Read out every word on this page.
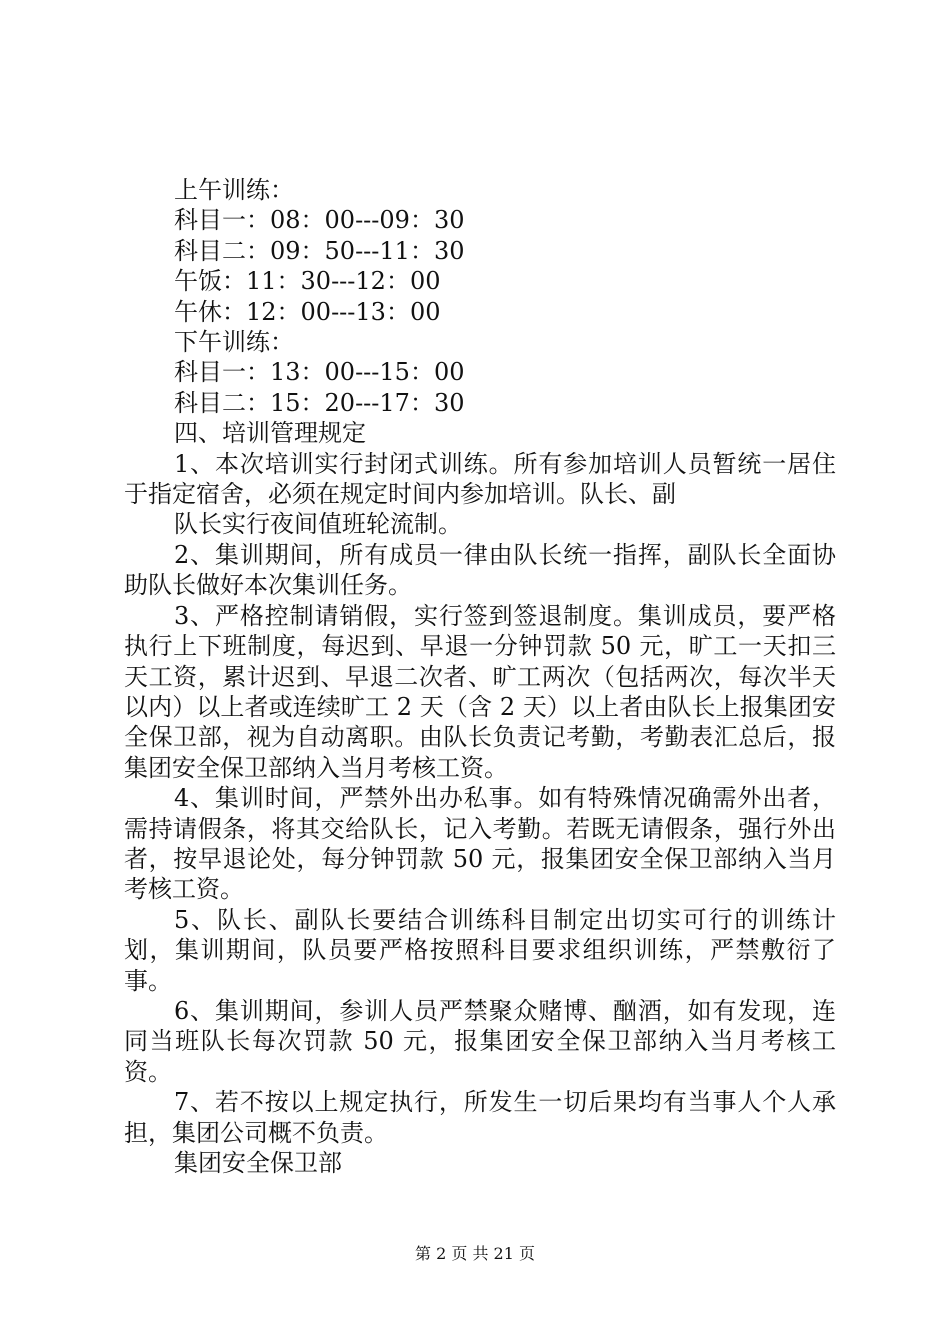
上午训练：
科目一：08：00---09：30
科目二：09：50---11：30
午饭：11：30---12：00
午休：12：00---13：00
下午训练：
科目一：13：00---15：00
科目二：15：20---17：30
四、培训管理规定

1、本次培训实行封闭式训练。所有参加培训人员暂统一居住于指定宿舍，必须在规定时间内参加培训。队长、副

队长实行夜间值班轮流制。

2、集训期间，所有成员一律由队长统一指挥，副队长全面协助队长做好本次集训任务。

3、严格控制请销假，实行签到签退制度。集训成员，要严格执行上下班制度，每迟到、早退一分钟罚款 50 元，旷工一天扣三天工资，累计迟到、早退二次者、旷工两次（包括两次，每次半天以内）以上者或连续旷工 2 天（含 2 天）以上者由队长上报集团安全保卫部，视为自动离职。由队长负责记考勤，考勤表汇总后，报集团安全保卫部纳入当月考核工资。

4、集训时间，严禁外出办私事。如有特殊情况确需外出者，需持请假条，将其交给队长，记入考勤。若既无请假条，强行外出者，按早退论处，每分钟罚款 50 元，报集团安全保卫部纳入当月考核工资。

5、队长、副队长要结合训练科目制定出切实可行的训练计划，集训期间，队员要严格按照科目要求组织训练，严禁敷衍了事。

6、集训期间，参训人员严禁聚众赌博、酗酒，如有发现，连同当班队长每次罚款 50 元，报集团安全保卫部纳入当月考核工资。

7、若不按以上规定执行，所发生一切后果均有当事人个人承担，集团公司概不负责。

集团安全保卫部
第 2 页 共 21 页
